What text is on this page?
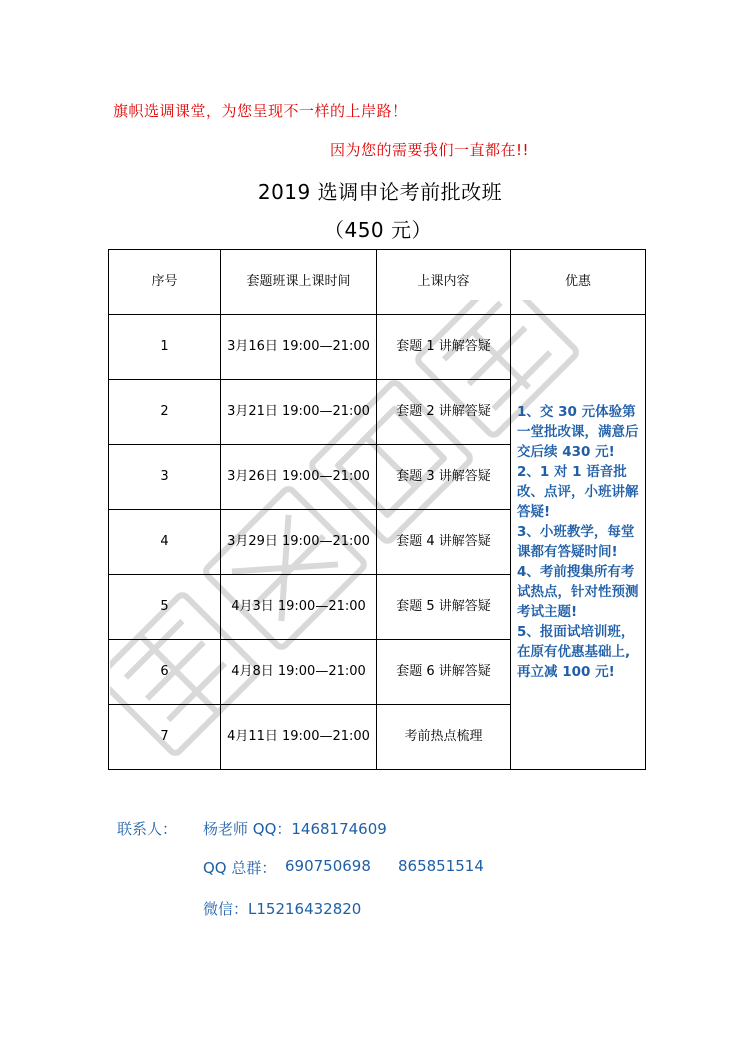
旗帜选调课堂，为您呈现不一样的上岸路！
因为您的需要我们一直都在!!
2019 选调申论考前批改班
（450 元）
序号	套题班课上课时间	上课内容	优惠
1	3月16日 19:00—21:00	套题 1 讲解答疑	1、交 30 元体验第一堂批改课，满意后交后续 430 元!
2、1 对 1 语音批改、点评，小班讲解答疑!
3、小班教学，每堂课都有答疑时间!
4、考前搜集所有考试热点，针对性预测考试主题!
5、报面试培训班，在原有优惠基础上,再立减 100 元!

2	3月21日 19:00—21:00	套题 2 讲解答疑	
3	3月26日 19:00—21:00	套题 3 讲解答疑	
4	3月29日 19:00—21:00	套题 4 讲解答疑	
5	4月3日 19:00—21:00	套题 5 讲解答疑	
6	4月8日 19:00—21:00	套题 6 讲解答疑	
7	4月11日 19:00—21:00	考前热点梳理	
联系人： 杨老师 QQ：1468174609
QQ 总群： 690750698 865851514
微信：L15216432820
